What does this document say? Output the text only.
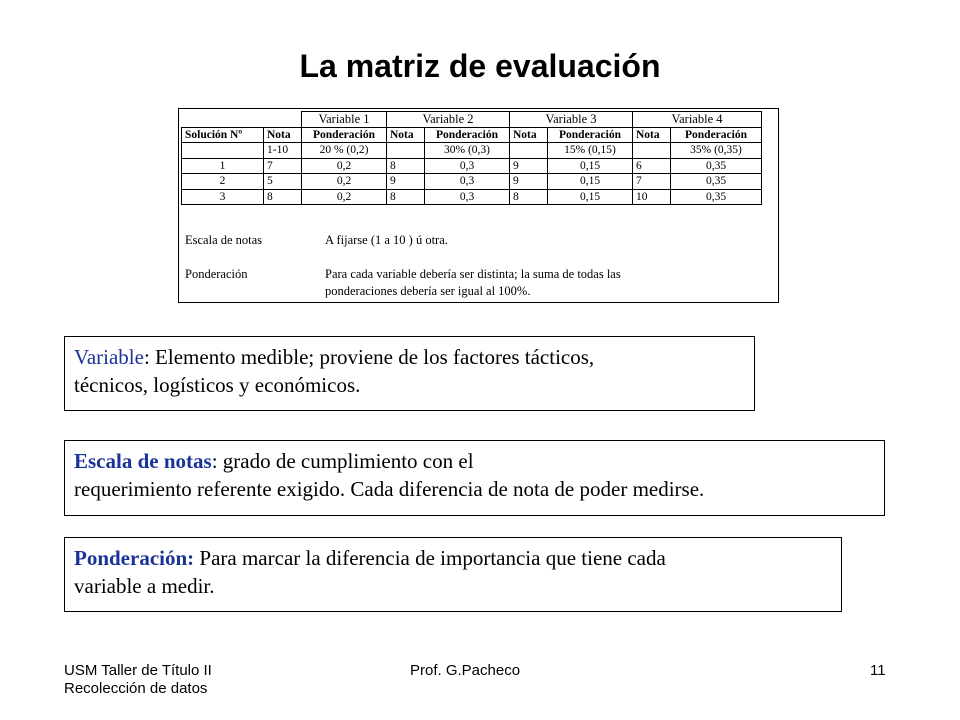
La matriz de evaluación
		Variable 1	Variable 2		Variable 3		Variable 4	
Solución Nº	Nota	Ponderación	Nota	Ponderación	Nota	Ponderación	Nota	Ponderación
	1-10	20 % (0,2)		30% (0,3)		15% (0,15)		35% (0,35)
1	7	0,2	8	0,3	9	0,15	6	0,35
2	5	0,2	9	0,3	9	0,15	7	0,35
3	8	0,2	8	0,3	8	0,15	10	0,35
Escala de notas	A fijarse (1 a 10 ) ú otra.
Ponderación	Para cada variable debería ser distinta; la suma de todas las
ponderaciones debería ser igual al 100%.
Variable: Elemento medible; proviene de los factores tácticos,
técnicos, logísticos y económicos.
Escala de notas: grado de cumplimiento con el
requerimiento referente exigido. Cada diferencia de nota de poder medirse.
Ponderación: Para marcar la diferencia de importancia que tiene cada
variable a medir.
USM Taller de Título II
Recolección de datos
Prof. G.Pacheco	11
